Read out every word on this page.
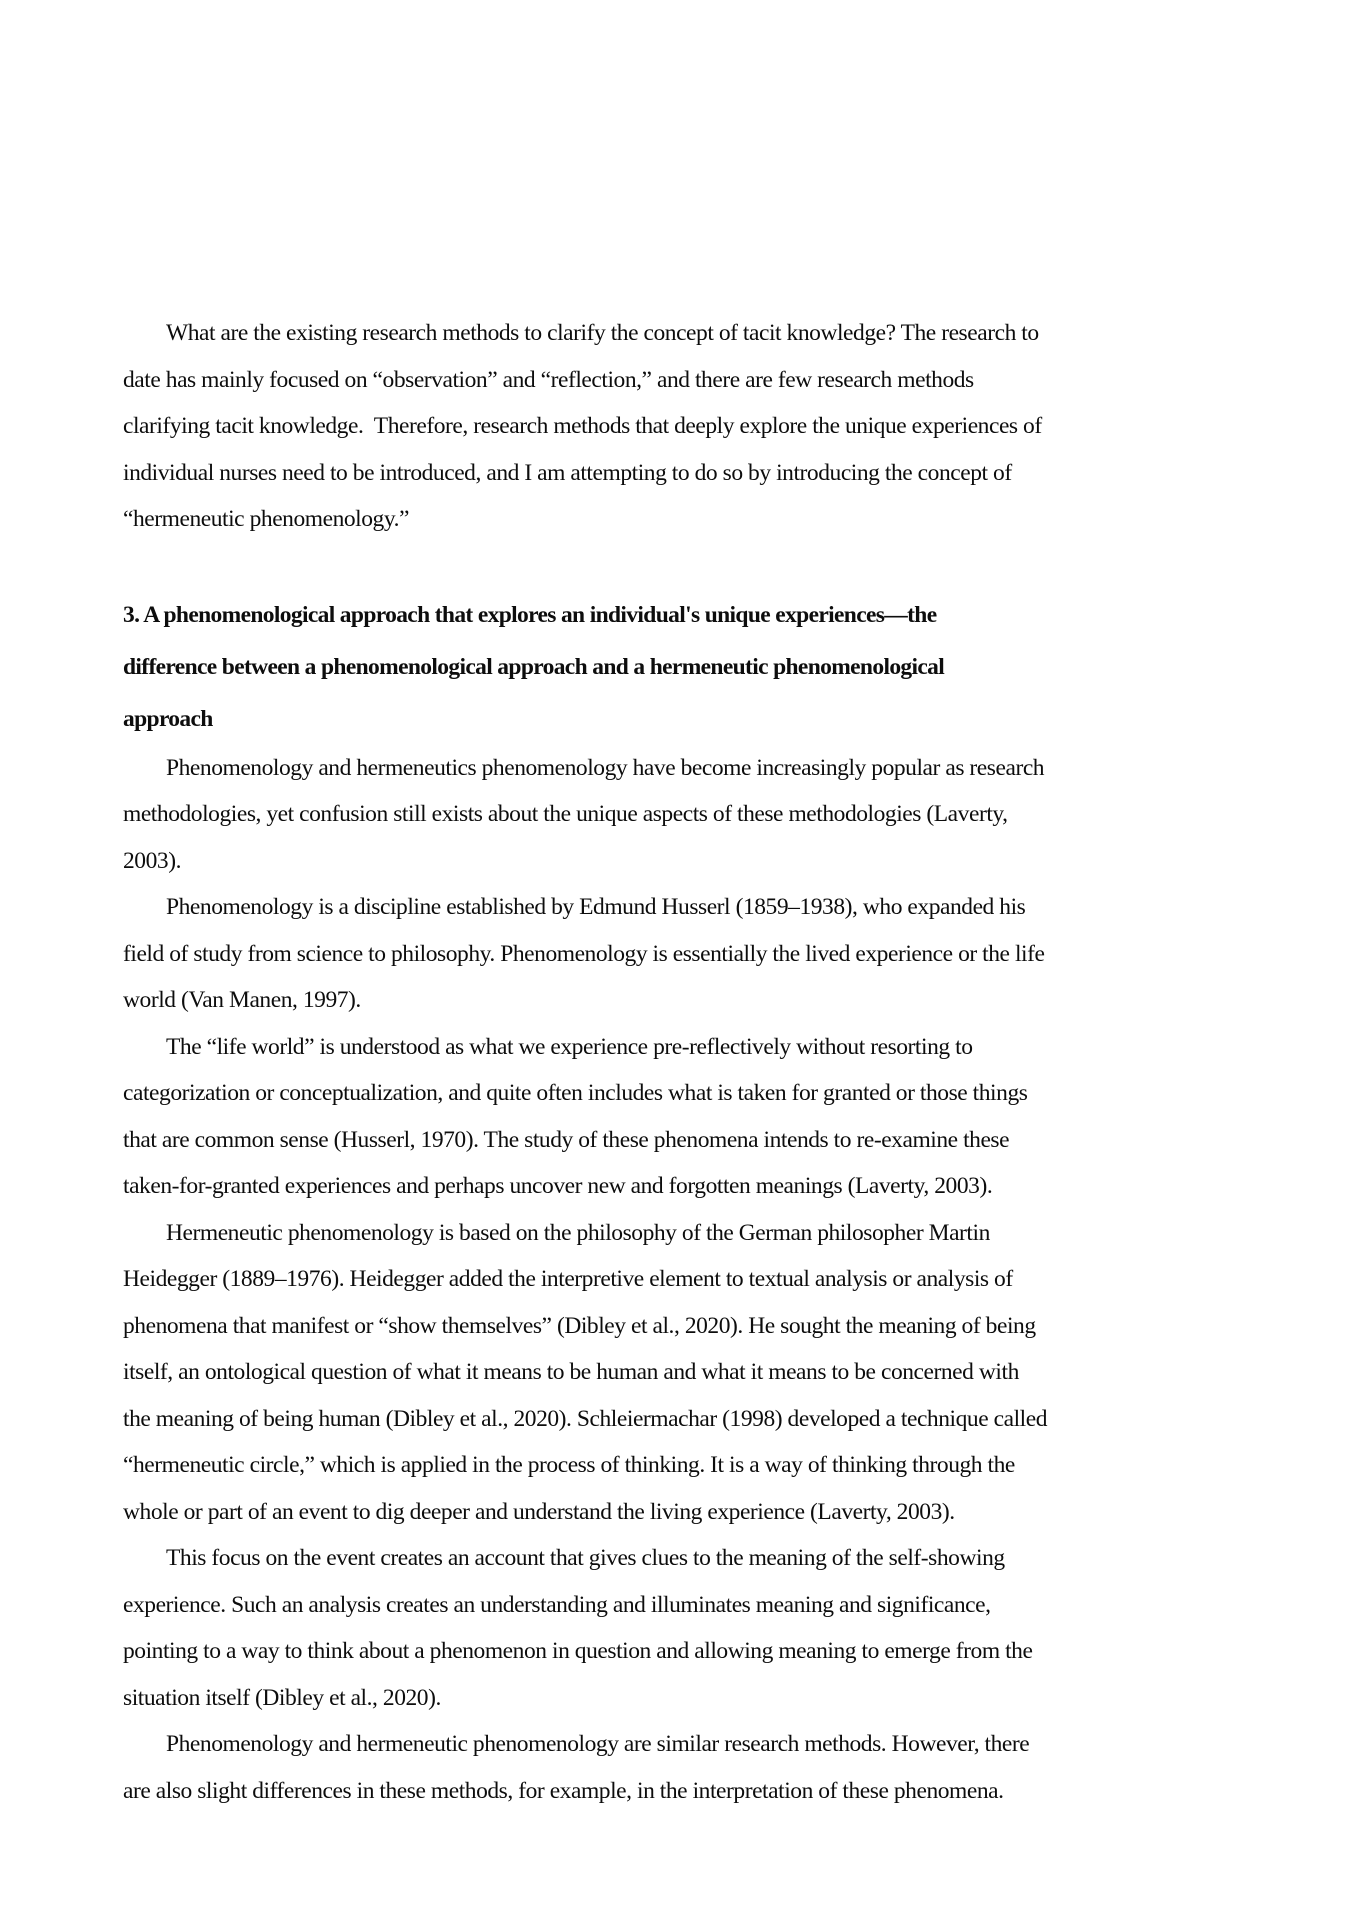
What are the existing research methods to clarify the concept of tacit knowledge? The research to
date has mainly focused on “observation” and “reflection,” and there are few research methods
clarifying tacit knowledge.  Therefore, research methods that deeply explore the unique experiences of
individual nurses need to be introduced, and I am attempting to do so by introducing the concept of
“hermeneutic phenomenology.”
3. A phenomenological approach that explores an individual's unique experiences—the
difference between a phenomenological approach and a hermeneutic phenomenological
approach
Phenomenology and hermeneutics phenomenology have become increasingly popular as research
methodologies, yet confusion still exists about the unique aspects of these methodologies (Laverty,
2003).
Phenomenology is a discipline established by Edmund Husserl (1859–1938), who expanded his
field of study from science to philosophy. Phenomenology is essentially the lived experience or the life
world (Van Manen, 1997).
The “life world” is understood as what we experience pre-reflectively without resorting to
categorization or conceptualization, and quite often includes what is taken for granted or those things
that are common sense (Husserl, 1970). The study of these phenomena intends to re-examine these
taken-for-granted experiences and perhaps uncover new and forgotten meanings (Laverty, 2003).
Hermeneutic phenomenology is based on the philosophy of the German philosopher Martin
Heidegger (1889–1976). Heidegger added the interpretive element to textual analysis or analysis of
phenomena that manifest or “show themselves” (Dibley et al., 2020). He sought the meaning of being
itself, an ontological question of what it means to be human and what it means to be concerned with
the meaning of being human (Dibley et al., 2020). Schleiermachar (1998) developed a technique called
“hermeneutic circle,” which is applied in the process of thinking. It is a way of thinking through the
whole or part of an event to dig deeper and understand the living experience (Laverty, 2003).
This focus on the event creates an account that gives clues to the meaning of the self-showing
experience. Such an analysis creates an understanding and illuminates meaning and significance,
pointing to a way to think about a phenomenon in question and allowing meaning to emerge from the
situation itself (Dibley et al., 2020).
Phenomenology and hermeneutic phenomenology are similar research methods. However, there
are also slight differences in these methods, for example, in the interpretation of these phenomena.
